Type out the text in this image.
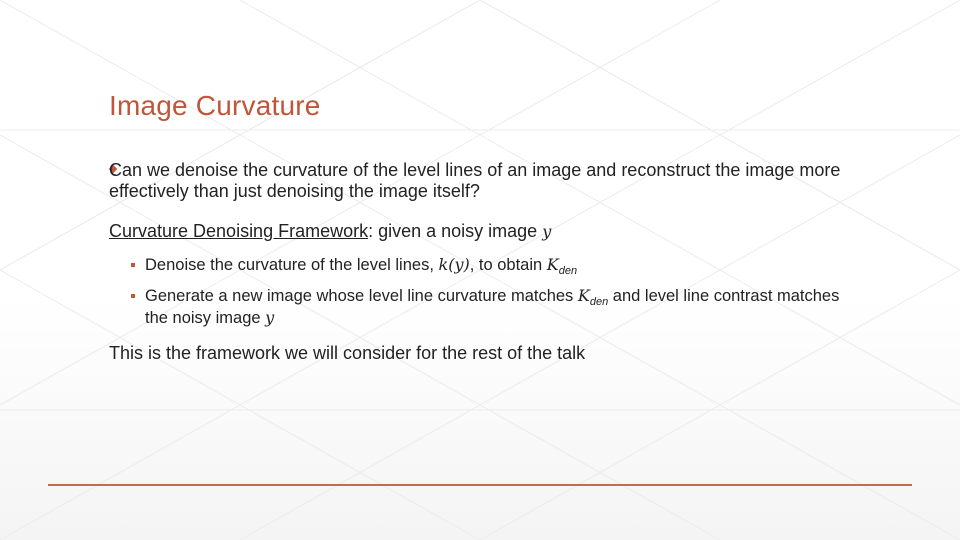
Image Curvature
Can we denoise the curvature of the level lines of an image and reconstruct the image more effectively than just denoising the image itself?
Curvature Denoising Framework: given a noisy image y
Denoise the curvature of the level lines, k(y), to obtain $K_{den}$
Generate a new image whose level line curvature matches $K_{den}$ and level line contrast matches the noisy image y
This is the framework we will consider for the rest of the talk
